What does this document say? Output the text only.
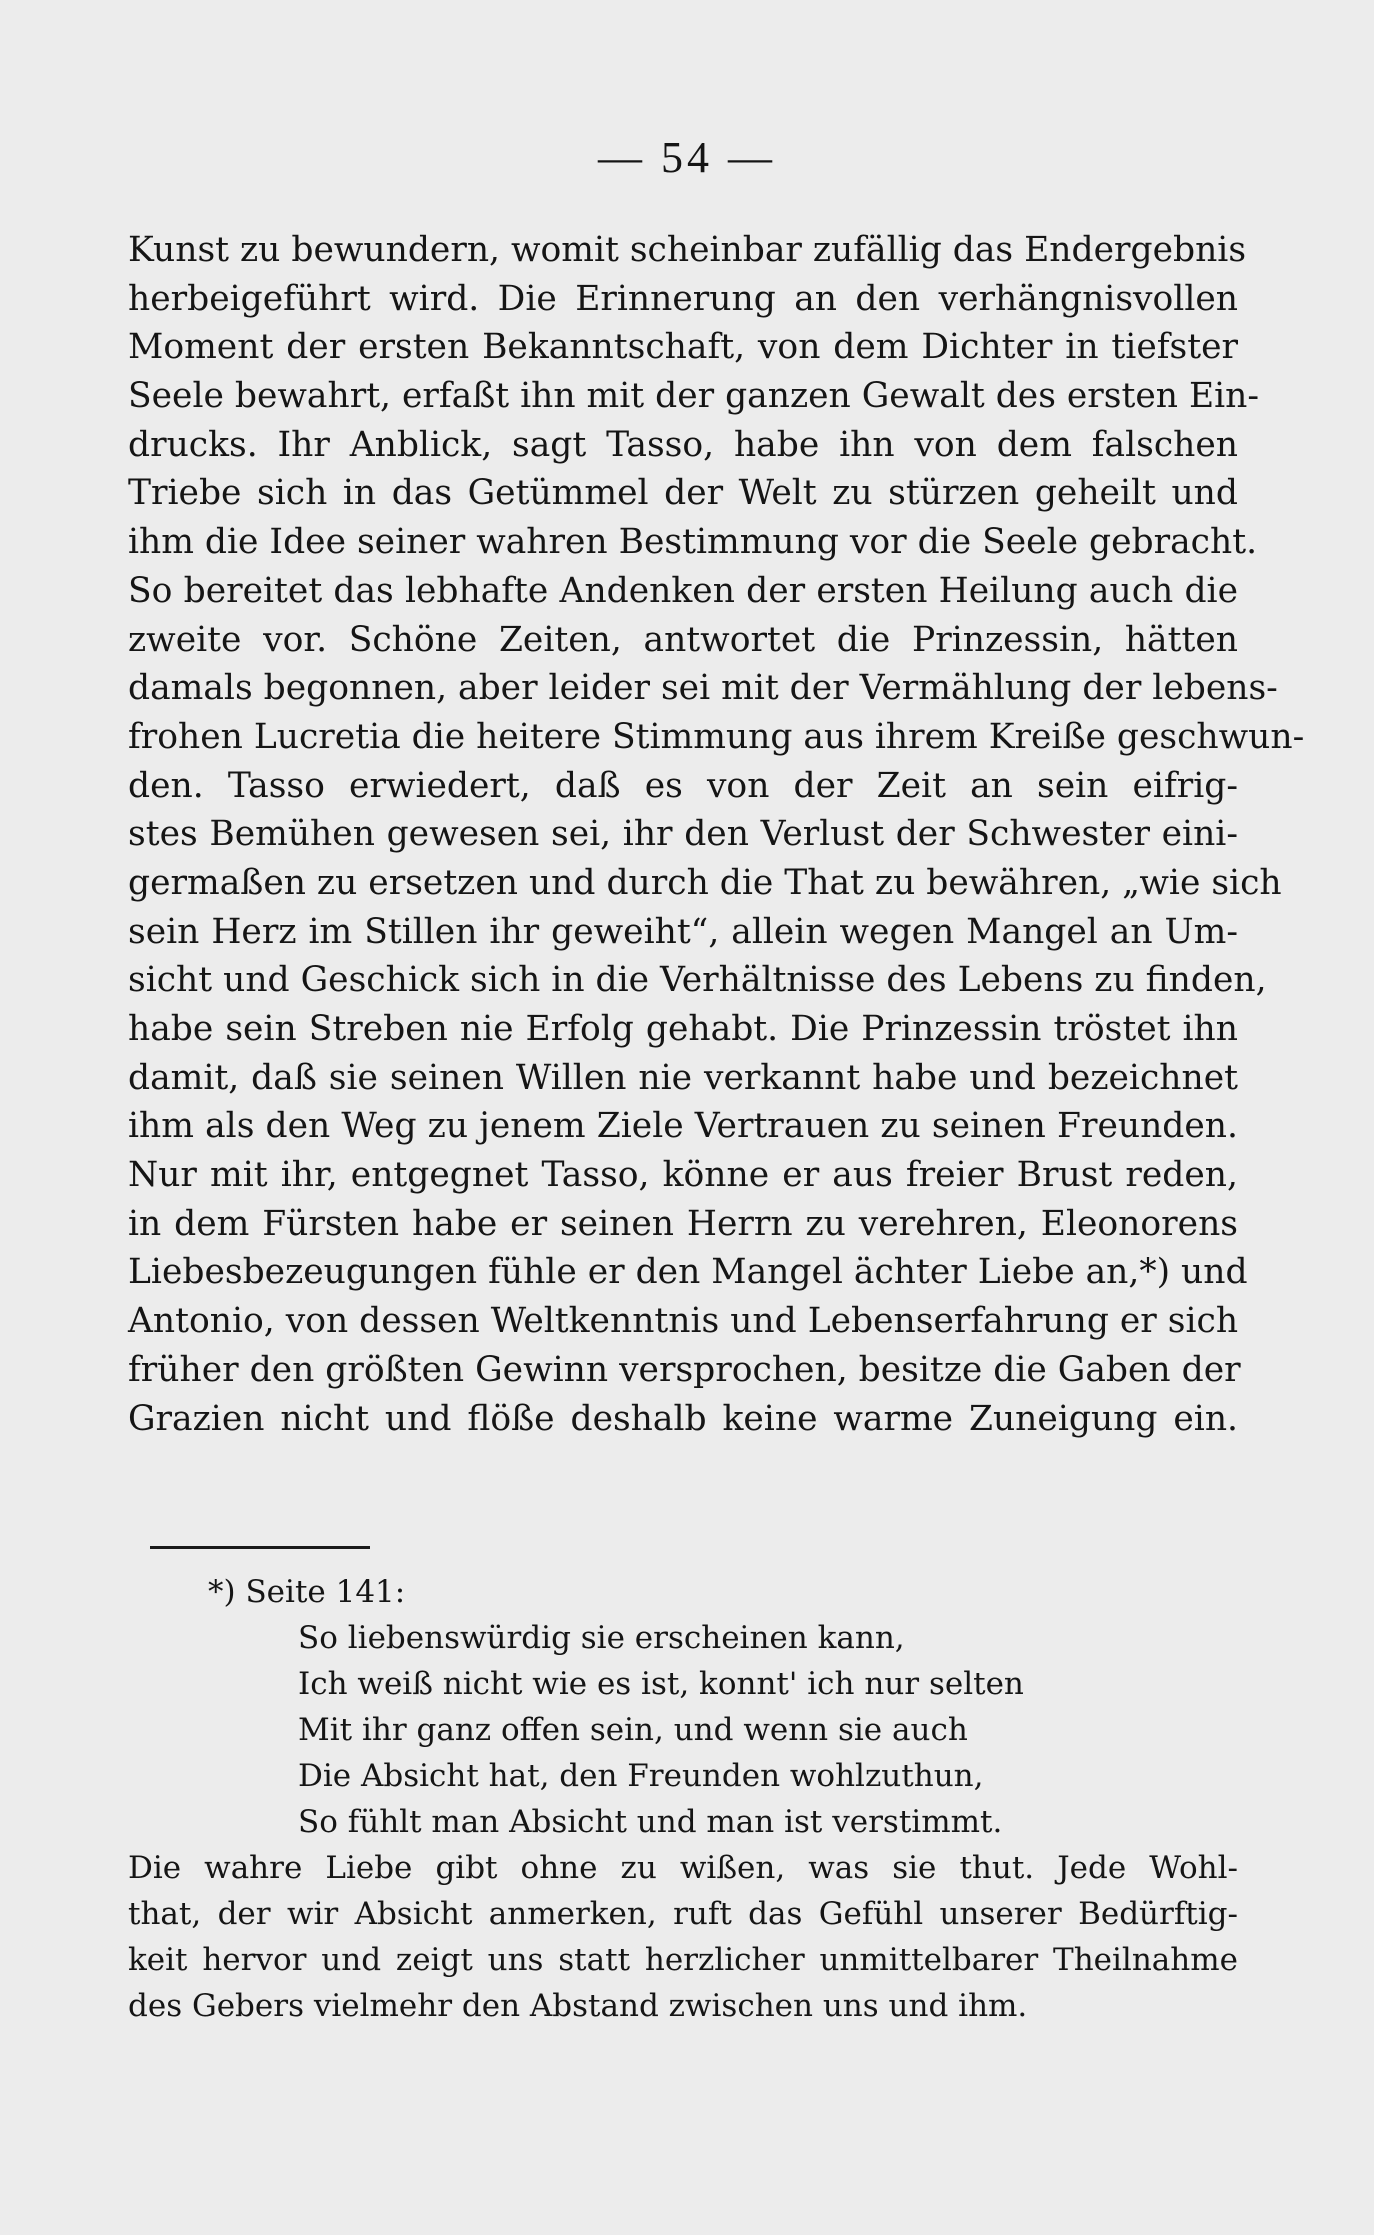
— 54 —
Kunst zu bewundern, womit scheinbar zufällig das Endergebnis
herbeigeführt wird. Die Erinnerung an den verhängnisvollen
Moment der ersten Bekanntschaft, von dem Dichter in tiefster
Seele bewahrt, erfaßt ihn mit der ganzen Gewalt des ersten Ein-
drucks. Ihr Anblick, sagt Tasso, habe ihn von dem falschen
Triebe sich in das Getümmel der Welt zu stürzen geheilt und
ihm die Idee seiner wahren Bestimmung vor die Seele gebracht.
So bereitet das lebhafte Andenken der ersten Heilung auch die
zweite vor. Schöne Zeiten, antwortet die Prinzessin, hätten
damals begonnen, aber leider sei mit der Vermählung der lebens-
frohen Lucretia die heitere Stimmung aus ihrem Kreiße geschwun-
den. Tasso erwiedert, daß es von der Zeit an sein eifrig-
stes Bemühen gewesen sei, ihr den Verlust der Schwester eini-
germaßen zu ersetzen und durch die That zu bewähren, „wie sich
sein Herz im Stillen ihr geweiht“, allein wegen Mangel an Um-
sicht und Geschick sich in die Verhältnisse des Lebens zu finden,
habe sein Streben nie Erfolg gehabt. Die Prinzessin tröstet ihn
damit, daß sie seinen Willen nie verkannt habe und bezeichnet
ihm als den Weg zu jenem Ziele Vertrauen zu seinen Freunden.
Nur mit ihr, entgegnet Tasso, könne er aus freier Brust reden,
in dem Fürsten habe er seinen Herrn zu verehren, Eleonorens
Liebesbezeugungen fühle er den Mangel ächter Liebe an,*) und
Antonio, von dessen Weltkenntnis und Lebenserfahrung er sich
früher den größten Gewinn versprochen, besitze die Gaben der
Grazien nicht und flöße deshalb keine warme Zuneigung ein.
*) Seite 141:
So liebenswürdig sie erscheinen kann,
Ich weiß nicht wie es ist, konnt' ich nur selten
Mit ihr ganz offen sein, und wenn sie auch
Die Absicht hat, den Freunden wohlzuthun,
So fühlt man Absicht und man ist verstimmt.
Die wahre Liebe gibt ohne zu wißen, was sie thut. Jede Wohl-
that, der wir Absicht anmerken, ruft das Gefühl unserer Bedürftig-
keit hervor und zeigt uns statt herzlicher unmittelbarer Theilnahme
des Gebers vielmehr den Abstand zwischen uns und ihm.
